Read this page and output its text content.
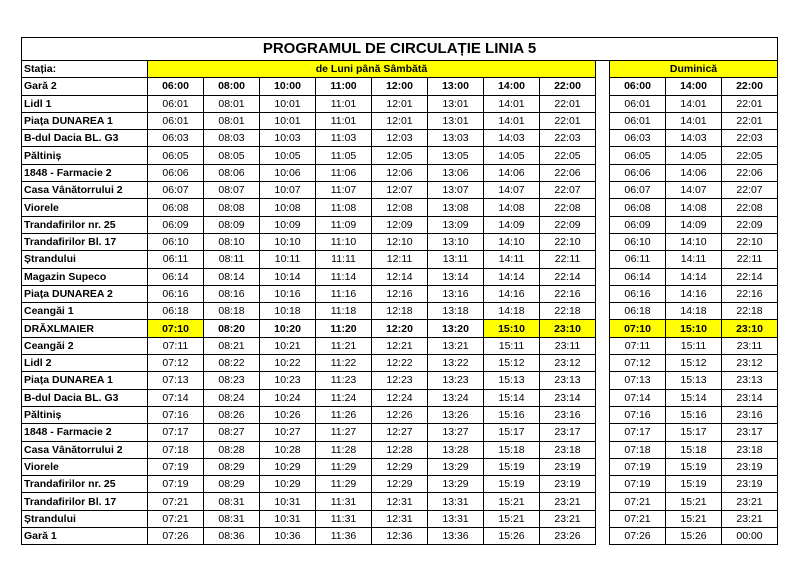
PROGRAMUL DE CIRCULAȚIE LINIA 5												
Stația:	de Luni până Sâmbătă									Duminică		
Gară 2	06:00	08:00	10:00	11:00	12:00	13:00	14:00	22:00		06:00	14:00	22:00
Lidl 1	06:01	08:01	10:01	11:01	12:01	13:01	14:01	22:01		06:01	14:01	22:01
Piața DUNAREA 1	06:01	08:01	10:01	11:01	12:01	13:01	14:01	22:01		06:01	14:01	22:01
B-dul Dacia BL. G3	06:03	08:03	10:03	11:03	12:03	13:03	14:03	22:03		06:03	14:03	22:03
Păltiniș	06:05	08:05	10:05	11:05	12:05	13:05	14:05	22:05		06:05	14:05	22:05
1848 - Farmacie 2	06:06	08:06	10:06	11:06	12:06	13:06	14:06	22:06		06:06	14:06	22:06
Casa Vânătorrului 2	06:07	08:07	10:07	11:07	12:07	13:07	14:07	22:07		06:07	14:07	22:07
Viorele	06:08	08:08	10:08	11:08	12:08	13:08	14:08	22:08		06:08	14:08	22:08
Trandafirilor nr. 25	06:09	08:09	10:09	11:09	12:09	13:09	14:09	22:09		06:09	14:09	22:09
Trandafirilor Bl. 17	06:10	08:10	10:10	11:10	12:10	13:10	14:10	22:10		06:10	14:10	22:10
Ștrandului	06:11	08:11	10:11	11:11	12:11	13:11	14:11	22:11		06:11	14:11	22:11
Magazin Supeco	06:14	08:14	10:14	11:14	12:14	13:14	14:14	22:14		06:14	14:14	22:14
Piața DUNAREA 2	06:16	08:16	10:16	11:16	12:16	13:16	14:16	22:16		06:16	14:16	22:16
Ceangăi 1	06:18	08:18	10:18	11:18	12:18	13:18	14:18	22:18		06:18	14:18	22:18
DRĂXLMAIER	07:10	08:20	10:20	11:20	12:20	13:20	15:10	23:10		07:10	15:10	23:10
Ceangăi 2	07:11	08:21	10:21	11:21	12:21	13:21	15:11	23:11		07:11	15:11	23:11
Lidl 2	07:12	08:22	10:22	11:22	12:22	13:22	15:12	23:12		07:12	15:12	23:12
Piața DUNAREA 1	07:13	08:23	10:23	11:23	12:23	13:23	15:13	23:13		07:13	15:13	23:13
B-dul Dacia BL. G3	07:14	08:24	10:24	11:24	12:24	13:24	15:14	23:14		07:14	15:14	23:14
Păltiniș	07:16	08:26	10:26	11:26	12:26	13:26	15:16	23:16		07:16	15:16	23:16
1848 - Farmacie 2	07:17	08:27	10:27	11:27	12:27	13:27	15:17	23:17		07:17	15:17	23:17
Casa Vânătorrului 2	07:18	08:28	10:28	11:28	12:28	13:28	15:18	23:18		07:18	15:18	23:18
Viorele	07:19	08:29	10:29	11:29	12:29	13:29	15:19	23:19		07:19	15:19	23:19
Trandafirilor nr. 25	07:19	08:29	10:29	11:29	12:29	13:29	15:19	23:19		07:19	15:19	23:19
Trandafirilor Bl. 17	07:21	08:31	10:31	11:31	12:31	13:31	15:21	23:21		07:21	15:21	23:21
Ștrandului	07:21	08:31	10:31	11:31	12:31	13:31	15:21	23:21		07:21	15:21	23:21
Gară 1	07:26	08:36	10:36	11:36	12:36	13:36	15:26	23:26		07:26	15:26	00:00
